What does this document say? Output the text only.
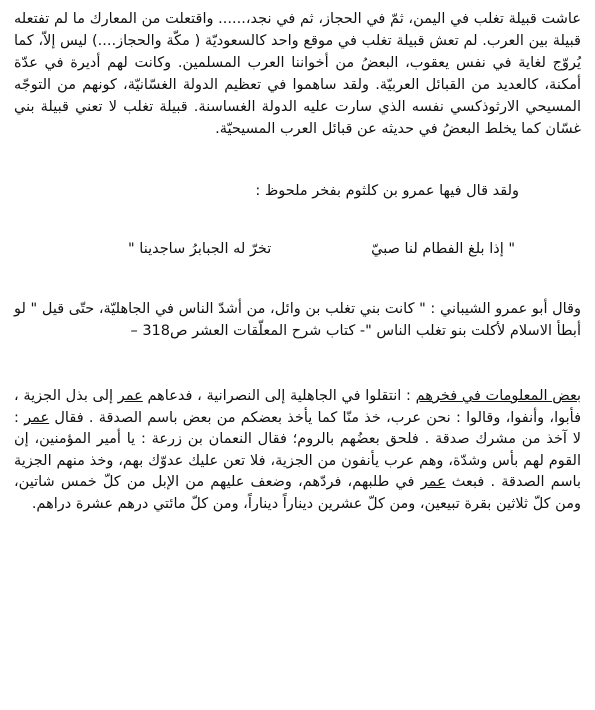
عاشت قبيلة تغلب في اليمن، ثمّ في الحجاز، ثم في نجد،...... واقتعلت من المعارك ما لم تفتعله قبيلة بين العرب. لم تعش قبيلة تغلب في موقع واحد كالسعوديّة ( مكّة والحجاز....) ليس إلاّ، كما يُروّج لغاية في نفس يعقوب، البعضُ من أخواننا العرب المسلمين. وكانت لهم أديرة في عدّة أمكنة، كالعديد من القبائل العربيّة. ولقد ساهموا في تعظيم الدولة الغسّانيّة، كونهم من التوجّه المسيحي الارثوذكسي نفسه الذي سارت عليه الدولة الغساسنة. قبيلة تغلب لا تعني قبيلة بني غسّان كما يخلط البعضُ في حديثه عن قبائل العرب المسيحيّة.

ولقد قال فيها عمرو بن كلثوم بفخر ملحوظ :

" إذا بلغ الفطام لنا صبيّ
تخرّ له الجبابرُ ساجدينا "

وقال أبو عمرو الشيباني : " كانت بني تغلب بن وائل، من أشدّ الناس في الجاهليّة، حتّى قيل " لو أبطأ الاسلام لأكلت بنو تغلب الناس "- كتاب شرح المعلّقات العشر ص318 –

بعض المعلومات في فخرهم : انتقلوا في الجاهلية إلى النصرانية ، فدعاهم عمر إلى بذل الجزية ، فأبوا، وأنفوا، وقالوا : نحن عرب، خذ منّا كما يأخذ بعضكم من بعض باسم الصدقة . فقال عمر : لا آخذ من مشرك صدقة . فلحق بعضُهم بالروم؛ فقال النعمان بن زرعة : يا أمير المؤمنين، إن القوم لهم بأس وشدّة، وهم عرب يأنفون من الجزية، فلا تعن عليك عدوّك بهم، وخذ منهم الجزية باسم الصدقة . فبعث عمر في طلبهم، فردّهم، وضعف عليهم من الإبل من كلّ خمس شاتين، ومن كلّ ثلاثين بقرة تبيعين، ومن كلّ عشرين ديناراً ديناراً، ومن كلّ مائتي درهم عشرة دراهم.
